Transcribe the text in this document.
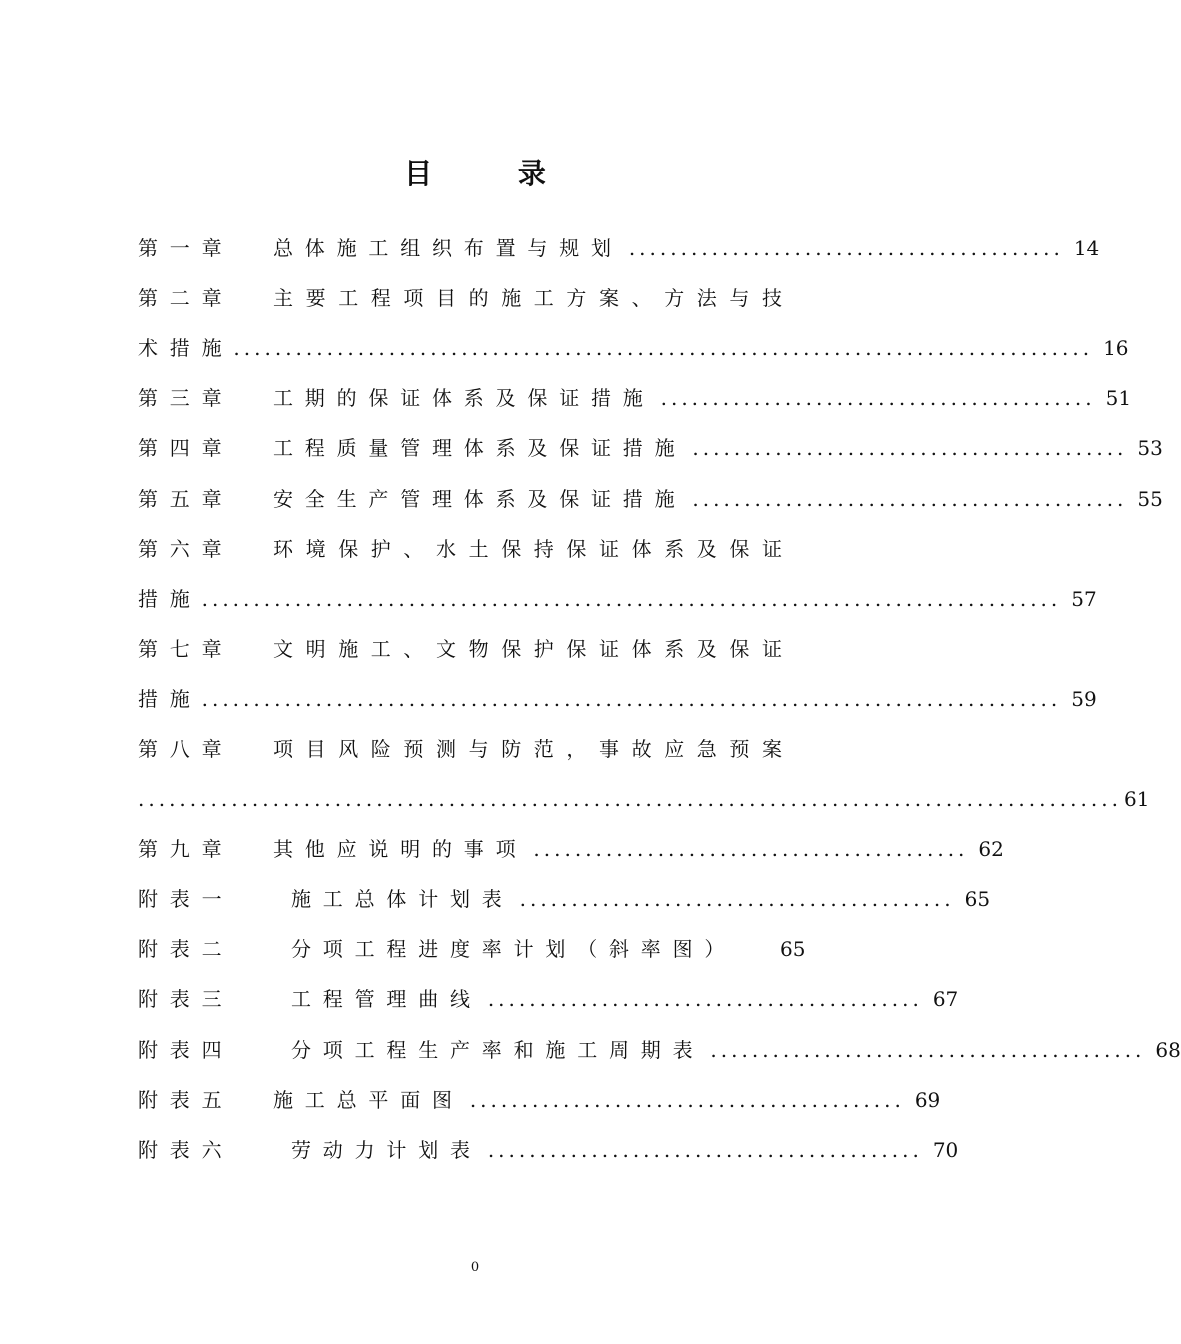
目 录
第一章	总体施工组织布置与规划 .......................................... 14
第二章	主要工程项目的施工方案、方法与技
术措施 ................................................................................... 16
第三章	工期的保证体系及保证措施 .......................................... 51
第四章	工程质量管理体系及保证措施 .......................................... 53
第五章	安全生产管理体系及保证措施 .......................................... 55
第六章	环境保护、水土保持保证体系及保证
措施 ................................................................................... 57
第七章	文明施工、文物保护保证体系及保证
措施 ................................................................................... 59
第八章	项目风险预测与防范，事故应急预案
............................................................................................... 61
第九章	其他应说明的事项 .......................................... 62
附表一	施工总体计划表 .......................................... 65
附表二	分项工程进度率计划（斜率图） 65
附表三	工程管理曲线 .......................................... 67
附表四	分项工程生产率和施工周期表 .......................................... 68
附表五	施工总平面图 .......................................... 69
附表六	劳动力计划表 .......................................... 70
0
